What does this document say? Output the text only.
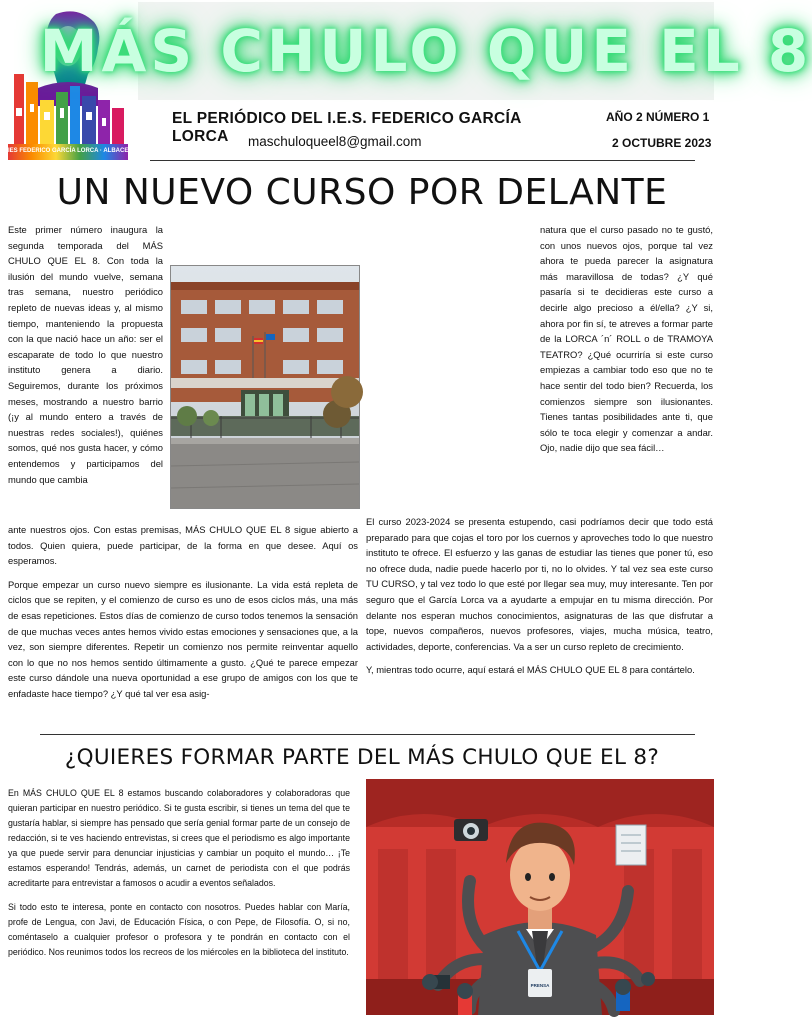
IES FEDERICO GARCÍA LORCA · ALBACETE
MÁS CHULO QUE EL 8
EL PERIÓDICO DEL I.E.S. FEDERICO GARCÍA LORCA	maschuloqueel8@gmail.com
AÑO 2 NÚMERO 1
2 OCTUBRE 2023
UN NUEVO CURSO POR DELANTE

Este primer número inaugura la segunda temporada del MÁS CHULO QUE EL 8. Con toda la ilusión del mundo vuelve, semana tras semana, nuestro periódico repleto de nuevas ideas y, al mismo tiempo, manteniendo la propuesta con la que nació hace un año: ser el escaparate de todo lo que nuestro instituto genera a diario. Seguiremos, durante los próximos meses, mostrando a nuestro barrio (¡y al mundo entero a través de nuestras redes sociales!), quiénes somos, qué nos gusta hacer, y cómo entendemos y participamos del mundo que cambia

natura que el curso pasado no te gustó, con unos nuevos ojos, porque tal vez ahora te pueda parecer la asignatura más maravillosa de todas? ¿Y qué pasaría si te decidieras este curso a decirle algo precioso a él/ella? ¿Y si, ahora por fin sí, te atreves a formar parte de la LORCA ´n´ ROLL o de TRAMOYA TEATRO? ¿Qué ocurriría si este curso empiezas a cambiar todo eso que no te hace sentir del todo bien? Recuerda, los comienzos siempre son ilusionantes. Tienes tantas posibilidades ante ti, que sólo te toca elegir y comenzar a andar. Ojo, nadie dijo que sea fácil…

ante nuestros ojos. Con estas premisas, MÁS CHULO QUE EL 8 sigue abierto a todos. Quien quiera, puede participar, de la forma en que desee. Aquí os esperamos.

Porque empezar un curso nuevo siempre es ilusionante. La vida está repleta de ciclos que se repiten, y el comienzo de curso es uno de esos ciclos más, una más de esas repeticiones. Estos días de comienzo de curso todos tenemos la sensación de que muchas veces antes hemos vivido estas emociones y sensaciones que, a la vez, son siempre diferentes. Repetir un comienzo nos permite reinventar aquello con lo que no nos hemos sentido últimamente a gusto. ¿Qué te parece empezar este curso dándole una nueva oportunidad a ese grupo de amigos con los que te enfadaste hace tiempo? ¿Y qué tal ver esa asig-

El curso 2023-2024 se presenta estupendo, casi podríamos decir que todo está preparado para que cojas el toro por los cuernos y aproveches todo lo que nuestro instituto te ofrece. El esfuerzo y las ganas de estudiar las tienes que poner tú, eso no ofrece duda, nadie puede hacerlo por ti, no lo olvides. Y tal vez sea este curso TU CURSO, y tal vez todo lo que esté por llegar sea muy, muy interesante. Ten por seguro que el García Lorca va a ayudarte a empujar en tu misma dirección. Por delante nos esperan muchos conocimientos, asignaturas de las que disfrutar a tope, nuevos compañeros, nuevos profesores, viajes, mucha música, teatro, actividades, deporte, conferencias. Va a ser un curso repleto de crecimiento.

Y, mientras todo ocurre, aquí estará el MÁS CHULO QUE EL 8 para contártelo.

¿QUIERES FORMAR PARTE DEL MÁS CHULO QUE EL 8?

En MÁS CHULO QUE EL 8 estamos buscando colaboradores y colaboradoras que quieran participar en nuestro periódico. Si te gusta escribir, si tienes un tema del que te gustaría hablar, si siempre has pensado que sería genial formar parte de un consejo de redacción, si te ves haciendo entrevistas, si crees que el periodismo es algo importante ya que puede servir para denunciar injusticias y cambiar un poquito el mundo… ¡Te estamos esperando! Tendrás, además, un carnet de periodista con el que podrás acreditarte para entrevistar a famosos o acudir a eventos señalados.

Si todo esto te interesa, ponte en contacto con nosotros. Puedes hablar con María, profe de Lengua, con Javi, de Educación Física, o con Pepe, de Filosofía. O, si no, coméntaselo a cualquier profesor o profesora y te pondrán en contacto con el periódico. Nos reunimos todos los recreos de los miércoles en la biblioteca del instituto.

PRENSA
